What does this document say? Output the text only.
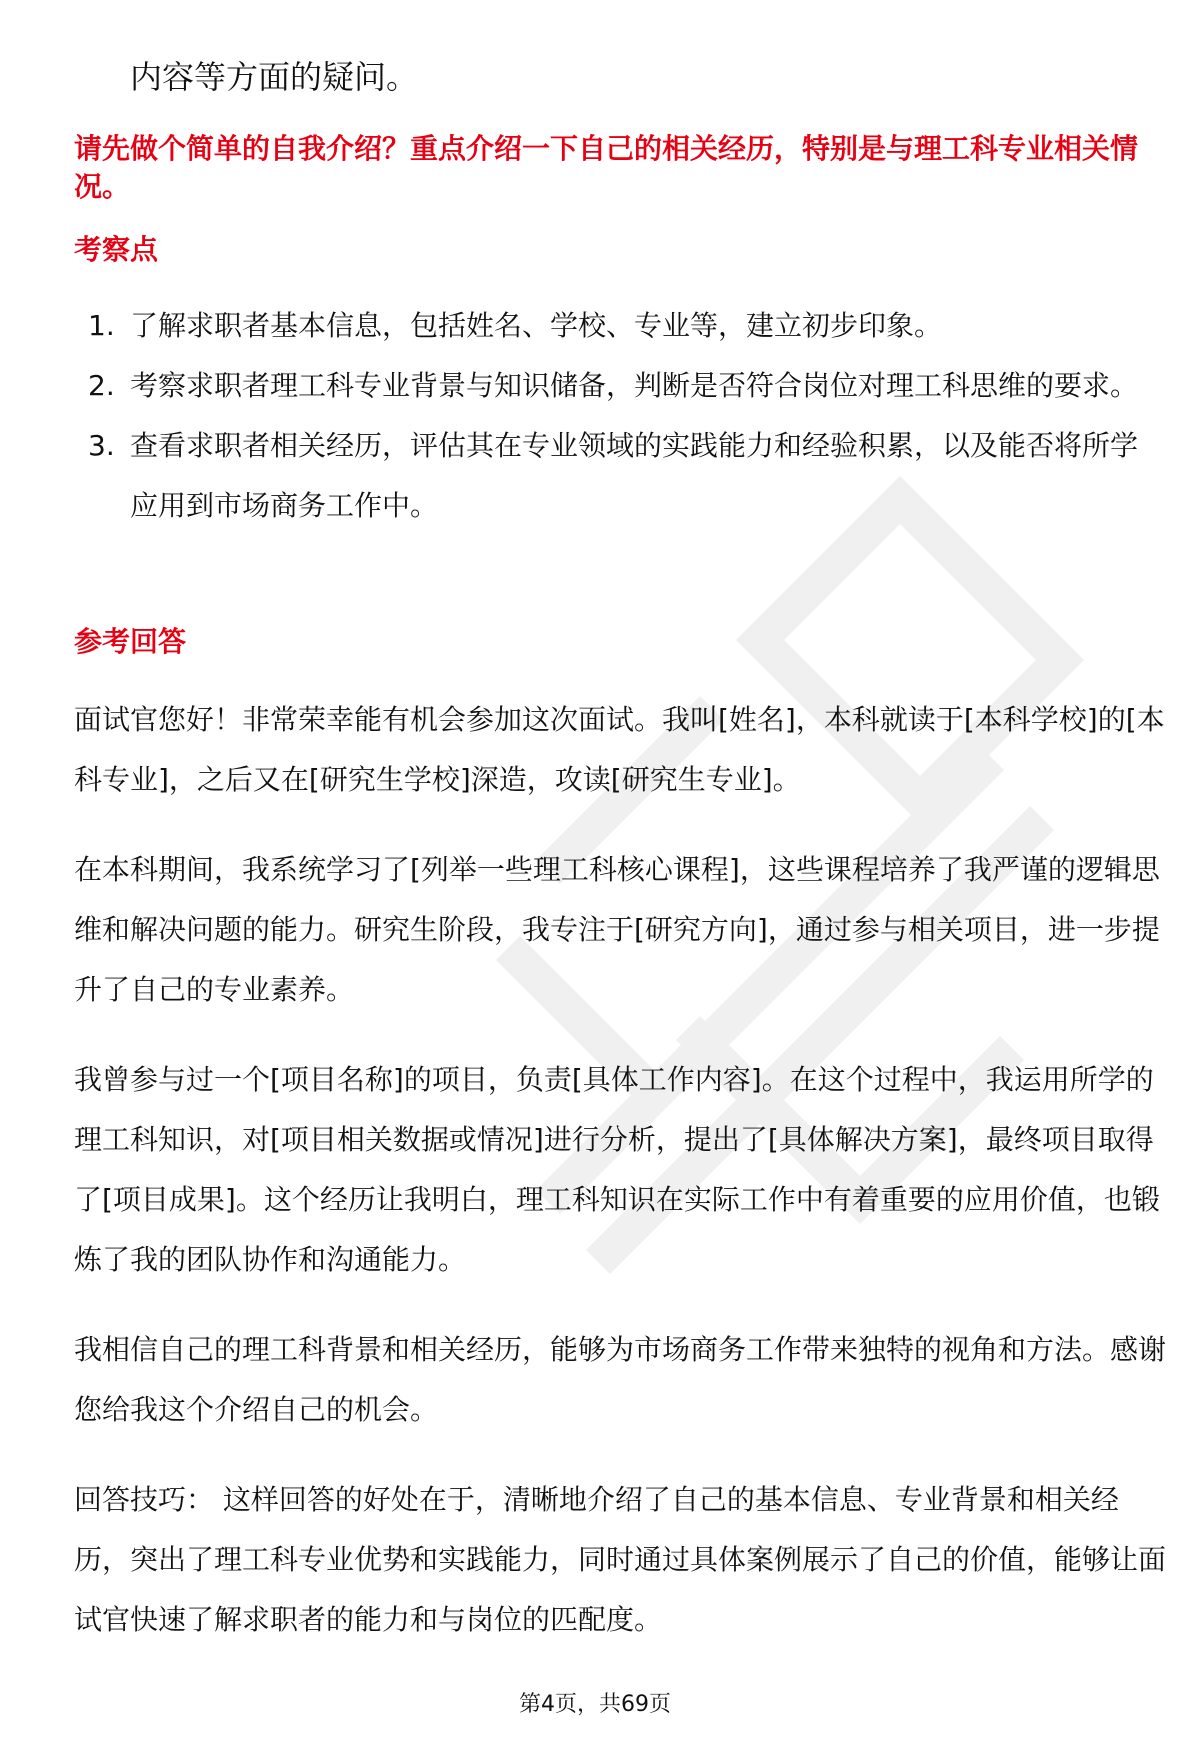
内容等方面的疑问。
请先做个简单的自我介绍？重点介绍一下自己的相关经历，特别是与理工科专业相关情况。
考察点
1. 了解求职者基本信息，包括姓名、学校、专业等，建立初步印象。
2. 考察求职者理工科专业背景与知识储备，判断是否符合岗位对理工科思维的要求。
3. 查看求职者相关经历，评估其在专业领域的实践能力和经验积累，以及能否将所学应用到市场商务工作中。
参考回答

面试官您好！非常荣幸能有机会参加这次面试。我叫[姓名]，本科就读于[本科学校]的[本科专业]，之后又在[研究生学校]深造，攻读[研究生专业]。

在本科期间，我系统学习了[列举一些理工科核心课程]，这些课程培养了我严谨的逻辑思维和解决问题的能力。研究生阶段，我专注于[研究方向]，通过参与相关项目，进一步提升了自己的专业素养。

我曾参与过一个[项目名称]的项目，负责[具体工作内容]。在这个过程中，我运用所学的理工科知识，对[项目相关数据或情况]进行分析，提出了[具体解决方案]，最终项目取得了[项目成果]。这个经历让我明白，理工科知识在实际工作中有着重要的应用价值，也锻炼了我的团队协作和沟通能力。

我相信自己的理工科背景和相关经历，能够为市场商务工作带来独特的视角和方法。感谢您给我这个介绍自己的机会。

回答技巧： 这样回答的好处在于，清晰地介绍了自己的基本信息、专业背景和相关经历，突出了理工科专业优势和实践能力，同时通过具体案例展示了自己的价值，能够让面试官快速了解求职者的能力和与岗位的匹配度。

第4页，共69页
